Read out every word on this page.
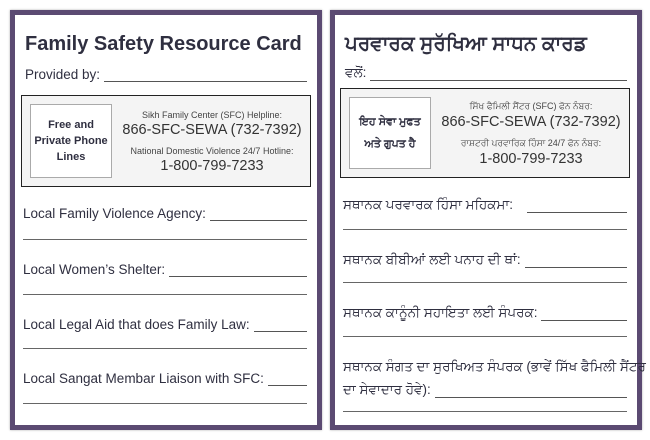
Family Safety Resource Card
Provided by:
Free and Private Phone Lines
Sikh Family Center (SFC) Helpline:
866-SFC-SEWA (732-7392)
National Domestic Violence 24/7 Hotline:
1-800-799-7233
Local Family Violence Agency:
Local Women’s Shelter:
Local Legal Aid that does Family Law:
Local Sangat Membar Liaison with SFC:
ਪਰਵਾਰਕ ਸੁਰੱਖਿਆ ਸਾਧਨ ਕਾਰਡ
ਵਲੋਂ:
ਇਹ ਸੇਵਾ ਮੁਫਤ
ਅਤੇ ਗੁਪਤ ਹੈ
ਸਿੱਖ ਫੈਮਿਲੀ ਸੈਂਟਰ (SFC) ਫੋਨ ਨੰਬਰ:
866-SFC-SEWA (732-7392)
ਰਾਸ਼ਟਰੀ ਪਰਵਾਰਿਕ ਹਿੰਸਾ 24/7 ਫੋਨ ਨੰਬਰ:
1-800-799-7233
ਸਥਾਨਕ ਪਰਵਾਰਕ ਹਿੰਸਾ ਮਹਿਕਮਾ:
ਸਥਾਨਕ ਬੀਬੀਆਂ ਲਈ ਪਨਾਹ ਦੀ ਥਾਂ:
ਸਥਾਨਕ ਕਾਨੂੰਨੀ ਸਹਾਇਤਾ ਲਈ ਸੰਪਰਕ:
ਸਥਾਨਕ ਸੰਗਤ ਦਾ ਸੁਰਖਿਅਤ ਸੰਪਰਕ (ਭਾਵੇਂ ਸਿੱਖ ਫੈਮਿਲੀ ਸੈਂਟਰ
ਦਾ ਸੇਵਾਦਾਰ ਹੋਵੇ):
